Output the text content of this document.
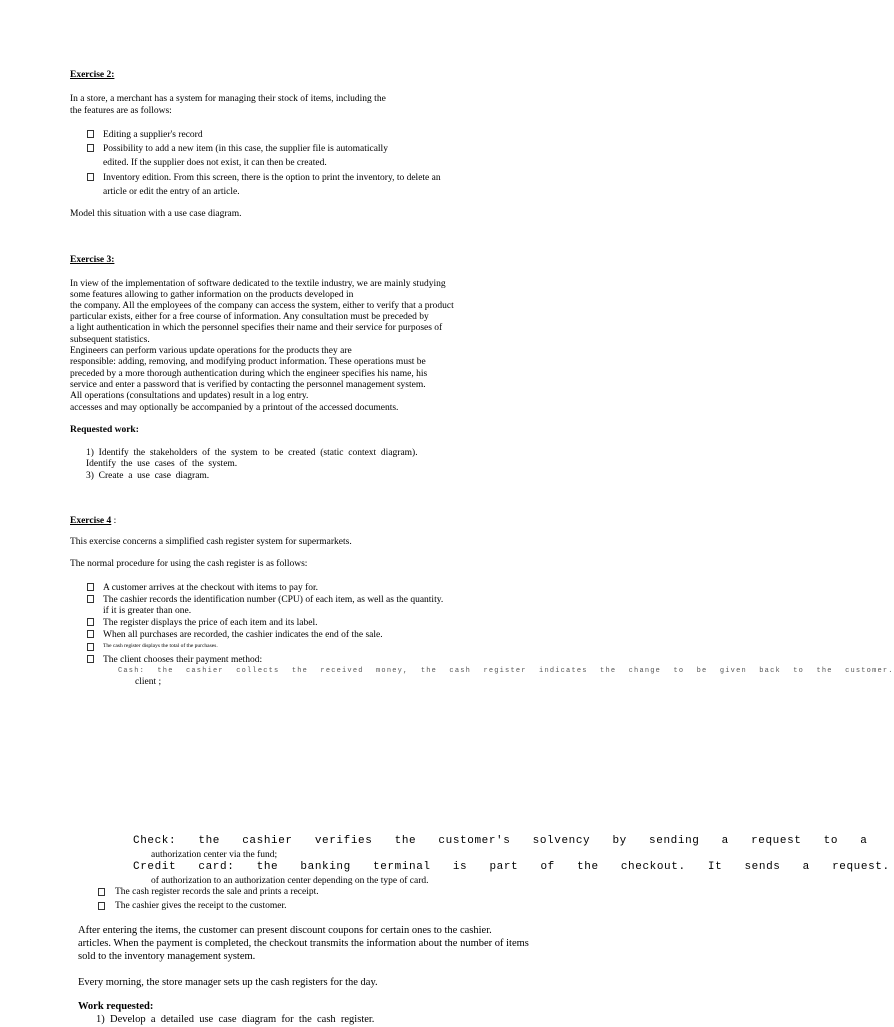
Exercise 2:
In a store, a merchant has a system for managing their stock of items, including the
the features are as follows:
Editing a supplier's record
Possibility to add a new item (in this case, the supplier file is automatically
edited. If the supplier does not exist, it can then be created.
Inventory edition. From this screen, there is the option to print the inventory, to delete an
article or edit the entry of an article.
Model this situation with a use case diagram.
Exercise 3:
In view of the implementation of software dedicated to the textile industry, we are mainly studying
some features allowing to gather information on the products developed in
the company. All the employees of the company can access the system, either to verify that a product
particular exists, either for a free course of information. Any consultation must be preceded by
a light authentication in which the personnel specifies their name and their service for purposes of
subsequent statistics.
Engineers can perform various update operations for the products they are
responsible: adding, removing, and modifying product information. These operations must be
preceded by a more thorough authentication during which the engineer specifies his name, his
service and enter a password that is verified by contacting the personnel management system.
All operations (consultations and updates) result in a log entry.
accesses and may optionally be accompanied by a printout of the accessed documents.
Requested work:
1)  Identify  the  stakeholders  of  the  system  to  be  created  (static  context  diagram).
Identify  the  use  cases  of  the  system.
3)  Create  a  use  case  diagram.
Exercise 4 :
This exercise concerns a simplified cash register system for supermarkets.
The normal procedure for using the cash register is as follows:
A customer arrives at the checkout with items to pay for.
The cashier records the identification number (CPU) of each item, as well as the quantity.
if it is greater than one.
The register displays the price of each item and its label.
When all purchases are recorded, the cashier indicates the end of the sale.
The cash register displays the total of the purchases.
The client chooses their payment method:
Cash: the cashier collects the received money, the cash register indicates the change to be given back to the customer.
client ;
Check: the cashier verifies the customer's solvency by sending a request to a
authorization center via the fund;
Credit card: the banking terminal is part of the checkout. It sends a request.
of authorization to an authorization center depending on the type of card.
The cash register records the sale and prints a receipt.
The cashier gives the receipt to the customer.
After entering the items, the customer can present discount coupons for certain ones to the cashier.
articles. When the payment is completed, the checkout transmits the information about the number of items
sold to the inventory management system.
Every morning, the store manager sets up the cash registers for the day.
Work requested:
1)  Develop  a  detailed  use  case  diagram  for  the  cash  register.
